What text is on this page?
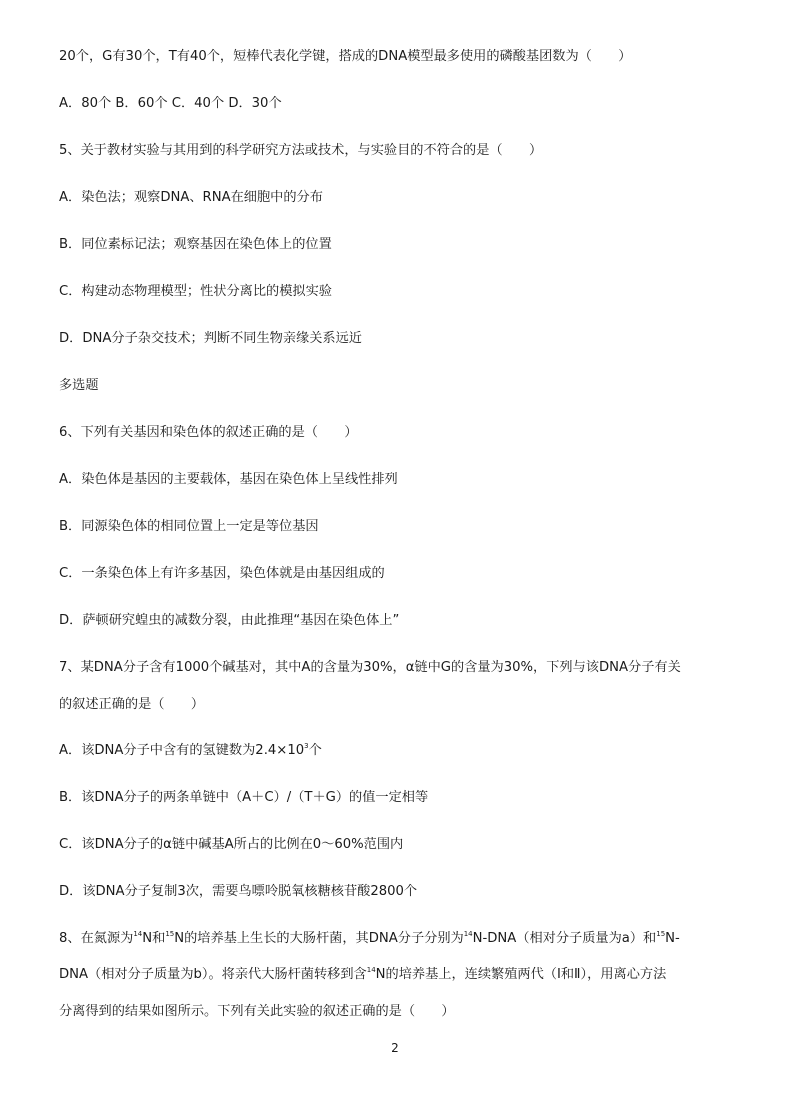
20个，G有30个，T有40个，短棒代表化学键，搭成的DNA模型最多使用的磷酸基团数为（　　）
A．80个 B．60个 C．40个 D．30个
5、关于教材实验与其用到的科学研究方法或技术，与实验目的不符合的是（　　）
A．染色法；观察DNA、RNA在细胞中的分布
B．同位素标记法；观察基因在染色体上的位置
C．构建动态物理模型；性状分离比的模拟实验
D．DNA分子杂交技术；判断不同生物亲缘关系远近
多选题
6、下列有关基因和染色体的叙述正确的是（　　）
A．染色体是基因的主要载体，基因在染色体上呈线性排列
B．同源染色体的相同位置上一定是等位基因
C．一条染色体上有许多基因，染色体就是由基因组成的
D．萨顿研究蝗虫的减数分裂，由此推理“基因在染色体上”
7、某DNA分子含有1000个碱基对，其中A的含量为30%，α链中G的含量为30%，下列与该DNA分子有关
的叙述正确的是（　　）
A．该DNA分子中含有的氢键数为$2.4\times 10^3$个
B．该DNA分子的两条单链中（A＋C）/（T＋G）的值一定相等
C．该DNA分子的α链中碱基A所占的比例在0～60%范围内
D．该DNA分子复制3次，需要鸟嘌呤脱氧核糖核苷酸2800个
8、在氮源为$^{14}$N和$^{15}$N的培养基上生长的大肠杆菌，其DNA分子分别为$^{14}$N-DNA（相对分子质量为a）和$^{15}$N-
DNA（相对分子质量为b）。将亲代大肠杆菌转移到含$^{14}$N的培养基上，连续繁殖两代（Ⅰ和Ⅱ），用离心方法
分离得到的结果如图所示。下列有关此实验的叙述正确的是（　　）
2
